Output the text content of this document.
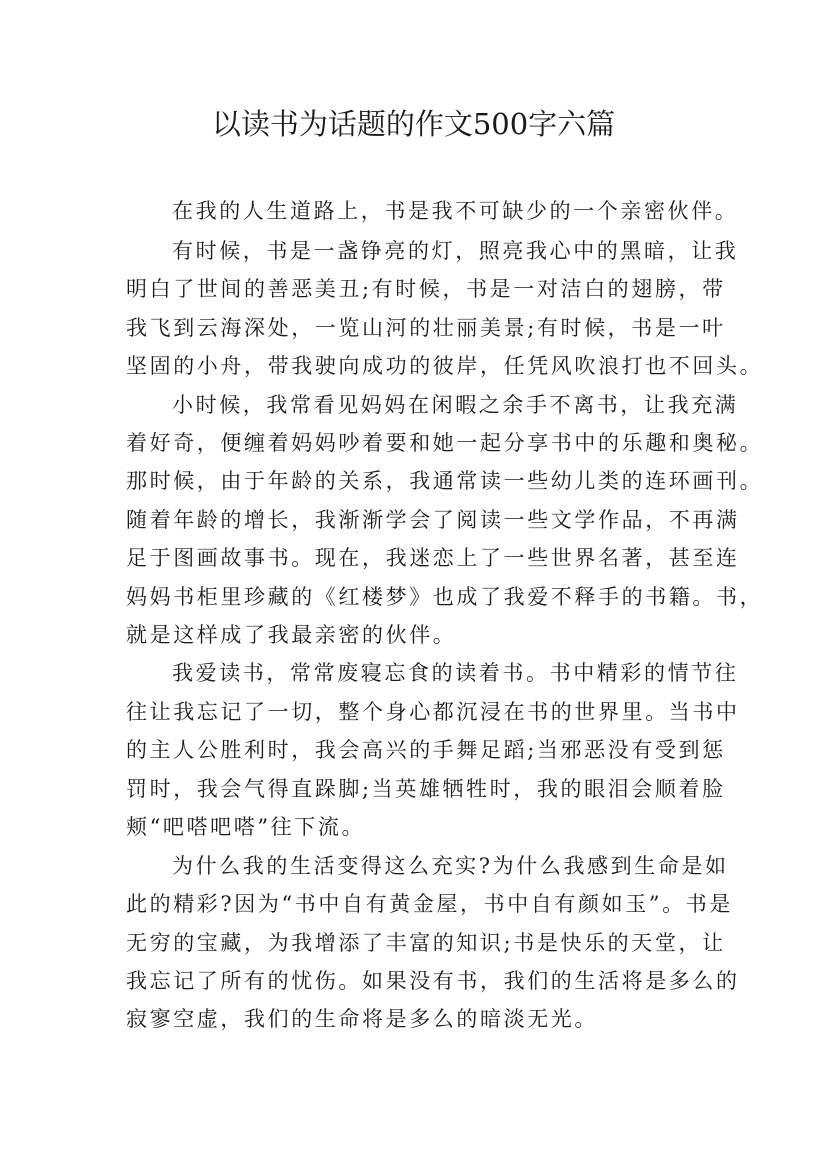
以读书为话题的作文500字六篇

在我的人生道路上，书是我不可缺少的一个亲密伙伴。

有时候，书是一盏铮亮的灯，照亮我心中的黑暗，让我

明白了世间的善恶美丑;有时候，书是一对洁白的翅膀，带

我飞到云海深处，一览山河的壮丽美景;有时候，书是一叶

坚固的小舟，带我驶向成功的彼岸，任凭风吹浪打也不回头。

小时候，我常看见妈妈在闲暇之余手不离书，让我充满

着好奇，便缠着妈妈吵着要和她一起分享书中的乐趣和奥秘。

那时候，由于年龄的关系，我通常读一些幼儿类的连环画刊。

随着年龄的增长，我渐渐学会了阅读一些文学作品，不再满

足于图画故事书。现在，我迷恋上了一些世界名著，甚至连

妈妈书柜里珍藏的《红楼梦》也成了我爱不释手的书籍。书，

就是这样成了我最亲密的伙伴。

我爱读书，常常废寝忘食的读着书。书中精彩的情节往

往让我忘记了一切，整个身心都沉浸在书的世界里。当书中

的主人公胜利时，我会高兴的手舞足蹈;当邪恶没有受到惩

罚时，我会气得直跺脚;当英雄牺牲时，我的眼泪会顺着脸

颊“吧嗒吧嗒”往下流。

为什么我的生活变得这么充实?为什么我感到生命是如

此的精彩?因为“书中自有黄金屋，书中自有颜如玉”。书是

无穷的宝藏，为我增添了丰富的知识;书是快乐的天堂，让

我忘记了所有的忧伤。如果没有书，我们的生活将是多么的

寂寥空虚，我们的生命将是多么的暗淡无光。
